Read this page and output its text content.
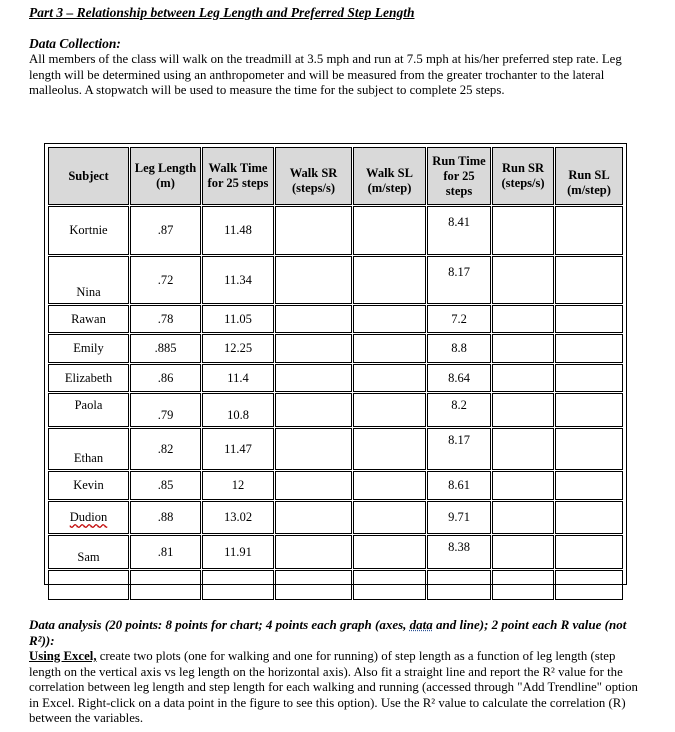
Part 3 – Relationship between Leg Length and Preferred Step Length
Data Collection:
All members of the class will walk on the treadmill at 3.5 mph and run at 7.5 mph at his/her preferred step rate. Leg length will be determined using an anthropometer and will be measured from the greater trochanter to the lateral malleolus. A stopwatch will be used to measure the time for the subject to complete 25 steps.
Subject	Leg Length (m)	Walk Time for 25 steps	Walk SR (steps/s)	Walk SL (m/step)	Run Time for 25 steps	Run SR (steps/s)	Run SL (m/step)
Kortnie	.87	11.48			8.41		
Nina	.72	11.34			8.17		
Rawan	.78	11.05			7.2		
Emily	.885	12.25			8.8		
Elizabeth	.86	11.4			8.64		
Paola	.79	10.8			8.2		
Ethan	.82	11.47			8.17		
Kevin	.85	12			8.61		
Dudion	.88	13.02			9.71		
Sam	.81	11.91			8.38		

Data analysis (20 points: 8 points for chart; 4 points each graph (axes, data and line); 2 point each R value (not R²)):
Using Excel, create two plots (one for walking and one for running) of step length as a function of leg length (step length on the vertical axis vs leg length on the horizontal axis). Also fit a straight line and report the R² value for the correlation between leg length and step length for each walking and running (accessed through "Add Trendline" option in Excel. Right-click on a data point in the figure to see this option). Use the R² value to calculate the correlation (R) between the variables.
